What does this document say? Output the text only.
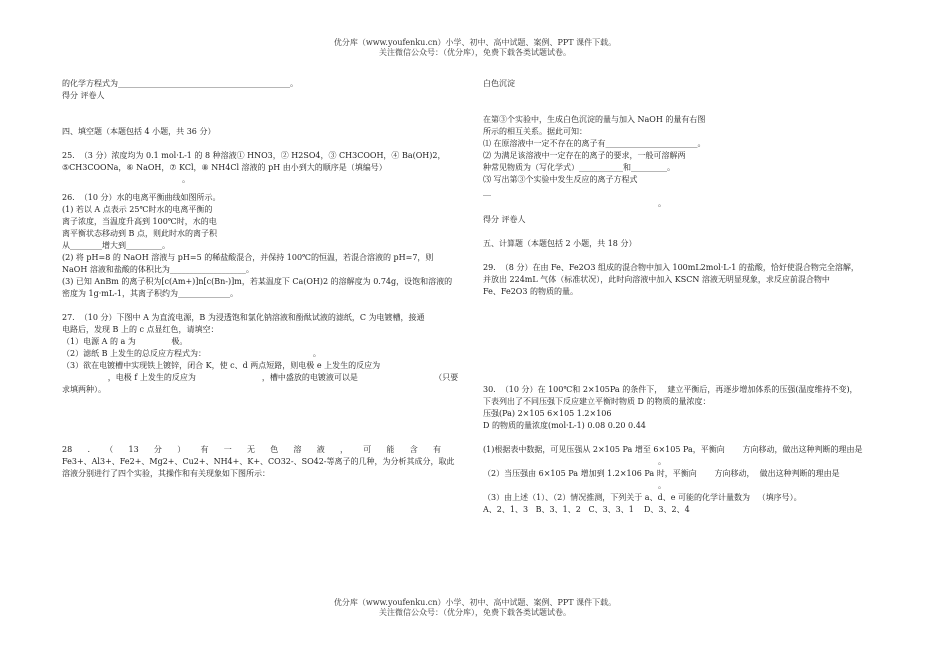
优分库（www.youfenku.cn）小学、初中、高中试题、案例、PPT 课件下载。
关注微信公众号：（优分库），免费下载各类试题试卷。
的化学方程式为___________________________________________。
得分 评卷人
四、填空题（本题包括 4 小题，共 36 分）
25.  （3 分）浓度均为 0.1 mol·L-1 的 8 种溶液① HNO3，② H2SO4，③ CH3COOH，④ Ba(OH)2，
⑤CH3COONa，⑥ NaOH，⑦ KCl，⑧ NH4Cl 溶液的 pH 由小到大的顺序是（填编号）
。
26.  （10 分）水的电离平衡曲线如图所示。
(1) 若以 A 点表示 25℃时水的电离平衡的
离子浓度，当温度升高到 100℃时，水的电
离平衡状态移动到 B 点，则此时水的离子积
从________增大到_________。
(2) 将 pH=8 的 NaOH 溶液与 pH=5 的稀盐酸混合，并保持 100℃的恒温，若混合溶液的 pH=7，则
NaOH 溶液和盐酸的体积比为___________________。
(3) 已知 AnBm 的离子积为[c(Am+)]n[c(Bn-)]m，若某温度下 Ca(OH)2 的溶解度为 0.74g，设饱和溶液的
密度为 1g·mL-1，其离子积约为_____________。
27.  （10 分）下图中 A 为直流电源，B 为浸透饱和氯化钠溶液和酚酞试液的滤纸，C 为电镀槽，接通
电路后，发现 B 上的 c 点显红色，请填空：
（1）电源 A 的 a 为              极。
（2）滤纸 B 上发生的总反应方程式为：                                          。
（3）欲在电镀槽中实现铁上镀锌，闭合 K，使 c、d 两点短路，则电极 e 上发生的反应为
，电极 f 上发生的反应为                          ，槽中盛放的电镀液可以是                              （只要
求填两种）。
28      .      （      13      分      ）      有      一      无      色      溶      液      ，      可      能      含      有
Fe3+、Al3+、Fe2+、Mg2+、Cu2+、NH4+、K+、CO32-、SO42-等离子的几种，为分析其成分，取此
溶液分别进行了四个实验，其操作和有关现象如下图所示：
白色沉淀
在第③个实验中，生成白色沉淀的量与加入 NaOH 的量有右图
所示的相互关系。据此可知：
⑴ 在原溶液中一定不存在的离子有_______________________。
⑵ 为满足该溶液中一定存在的离子的要求，一般可溶解两
种常见物质为（写化学式）___________和_________。
⑶ 写出第③个实验中发生反应的离子方程式
__
。
得分 评卷人
五、计算题（本题包括 2 小题，共 18 分）
29.  （8 分）在由 Fe、Fe2O3 组成的混合物中加入 100mL2mol·L-1 的盐酸，恰好使混合物完全溶解，
并放出 224mL 气体（标准状况），此时向溶液中加入 KSCN 溶液无明显现象，求反应前混合物中
Fe、Fe2O3 的物质的量。
30.  （10 分）在 100℃和 2×105Pa 的条件下，  建立平衡后，再逐步增加体系的压强(温度维持不变)，
下表列出了不同压强下反应建立平衡时物质 D 的物质的量浓度：
压强(Pa) 2×105 6×105 1.2×106
D 的物质的量浓度(mol·L-1) 0.08 0.20 0.44
(1)根据表中数据，可见压强从 2×105 Pa 增至 6×105 Pa，平衡向       方向移动，做出这种判断的理由是
。
（2）当压强由 6×105 Pa 增加到 1.2×106 Pa 时，平衡向       方向移动，  做出这种判断的理由是
。
（3）由上述（1）、（2）情况推测，下列关于 a、d、e 可能的化学计量数为   （填序号）。
A、2、1、3   B、3、1、2   C、3、3、1    D、3、2、4
优分库（www.youfenku.cn）小学、初中、高中试题、案例、PPT 课件下载。
关注微信公众号：（优分库），免费下载各类试题试卷。
